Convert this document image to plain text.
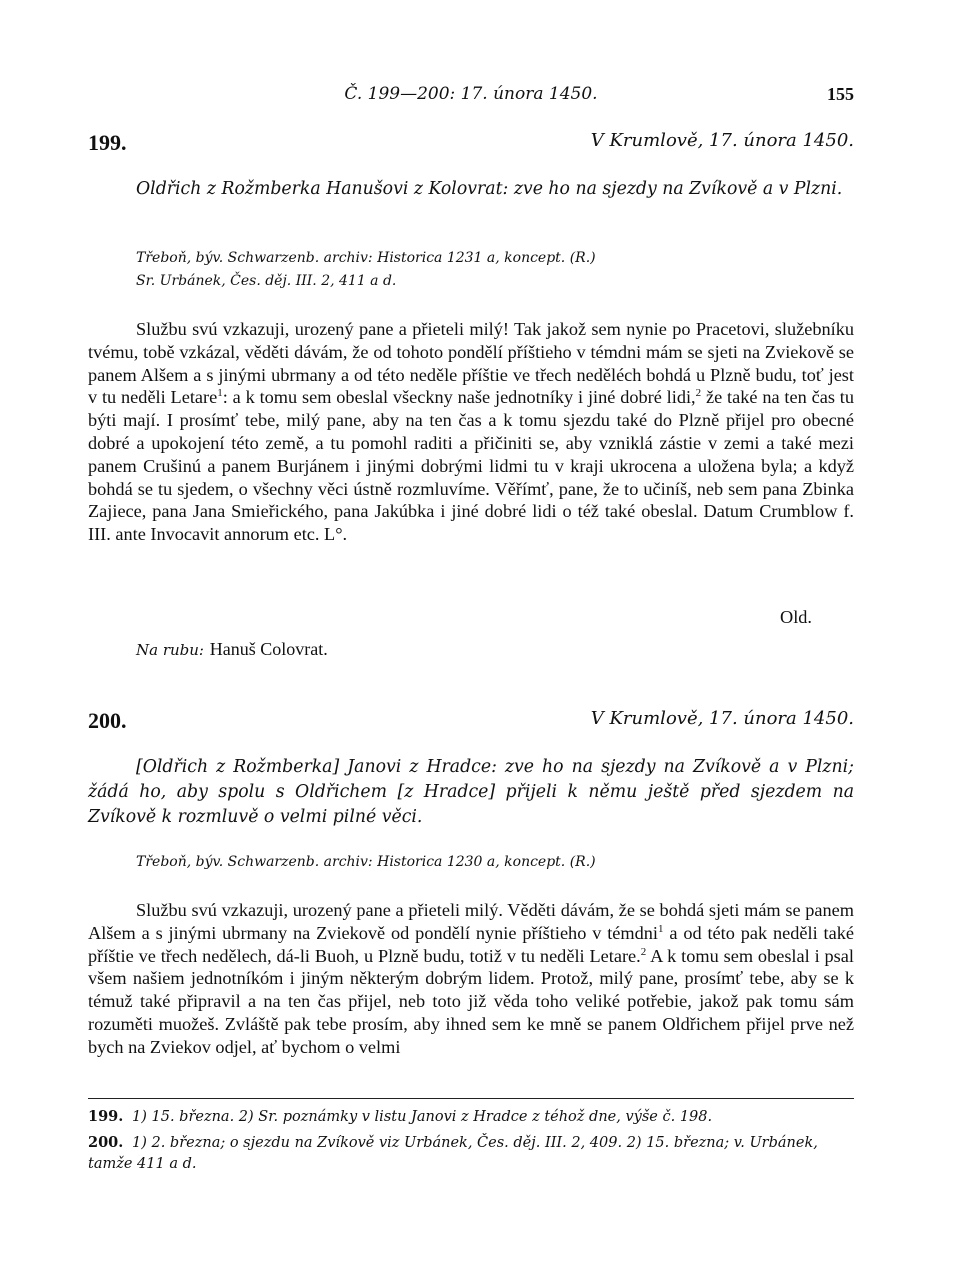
Č. 199—200: 17. února 1450.	155
199.	V Krumlově, 17. února 1450.
Oldřich z Rožmberka Hanušovi z Kolovrat: zve ho na sjezdy na Zvíkově a v Plzni.
Třeboň, býv. Schwarzenb. archiv: Historica 1231 a, koncept. (R.)
Sr. Urbánek, Čes. děj. III. 2, 411 a d.
Službu svú vzkazuji, urozený pane a přieteli milý! Tak jakož sem nynie po Pracetovi, služebníku tvému, tobě vzkázal, věděti dávám, že od tohoto pondělí příštieho v témdni mám se sjeti na Zviekově se panem Alšem a s jinými ubrmany a od této neděle příštie ve třech neděléch bohdá u Plzně budu, toť jest v tu neděli Letare$^1$: a k tomu sem obeslal všeckny naše jednotníky i jiné dobré lidi,$^2$ že také na ten čas tu býti mají. I prosímť tebe, milý pane, aby na ten čas a k tomu sjezdu také do Plzně přijel pro obecné dobré a upokojení této země, a tu pomohl raditi a přičiniti se, aby vzniklá zástie v zemi a také mezi panem Crušinú a panem Burjánem i jinými dobrými lidmi tu v kraji ukrocena a uložena byla; a když bohdá se tu sjedem, o všechny věci ústně rozmluvíme. Věřímť, pane, že to učiníš, neb sem pana Zbinka Zajiece, pana Jana Smieřického, pana Jakúbka i jiné dobré lidi o též také obeslal. Datum Crumblow f. III. ante Invocavit annorum etc. L°.
Old.
Na rubu: Hanuš Colovrat.
200.	V Krumlově, 17. února 1450.
[Oldřich z Rožmberka] Janovi z Hradce: zve ho na sjezdy na Zvíkově a v Plzni; žádá ho, aby spolu s Oldřichem [z Hradce] přijeli k němu ještě před sjezdem na Zvíkově k rozmluvě o velmi pilné věci.
Třeboň, býv. Schwarzenb. archiv: Historica 1230 a, koncept. (R.)
Službu svú vzkazuji, urozený pane a přieteli milý. Věděti dávám, že se bohdá sjeti mám se panem Alšem a s jinými ubrmany na Zviekově od pondělí nynie příštieho v témdni$^1$ a od této pak neděli také příštie ve třech nedělech, dá-li Buoh, u Plzně budu, totiž v tu neděli Letare.$^2$ A k tomu sem obeslal i psal všem našiem jednotníkóm i jiným některým dobrým lidem. Protož, milý pane, prosímť tebe, aby se k témuž také připravil a na ten čas přijel, neb toto již věda toho veliké potřebie, jakož pak tomu sám rozuměti muožeš. Zvláště pak tebe prosím, aby ihned sem ke mně se panem Oldřichem přijel prve než bych na Zviekov odjel, ať bychom o velmi
199. 1) 15. března. 2) Sr. poznámky v listu Janovi z Hradce z téhož dne, výše č. 198.
200. 1) 2. března; o sjezdu na Zvíkově viz Urbánek, Čes. děj. III. 2, 409. 2) 15. března; v. Urbánek, tamže 411 a d.
